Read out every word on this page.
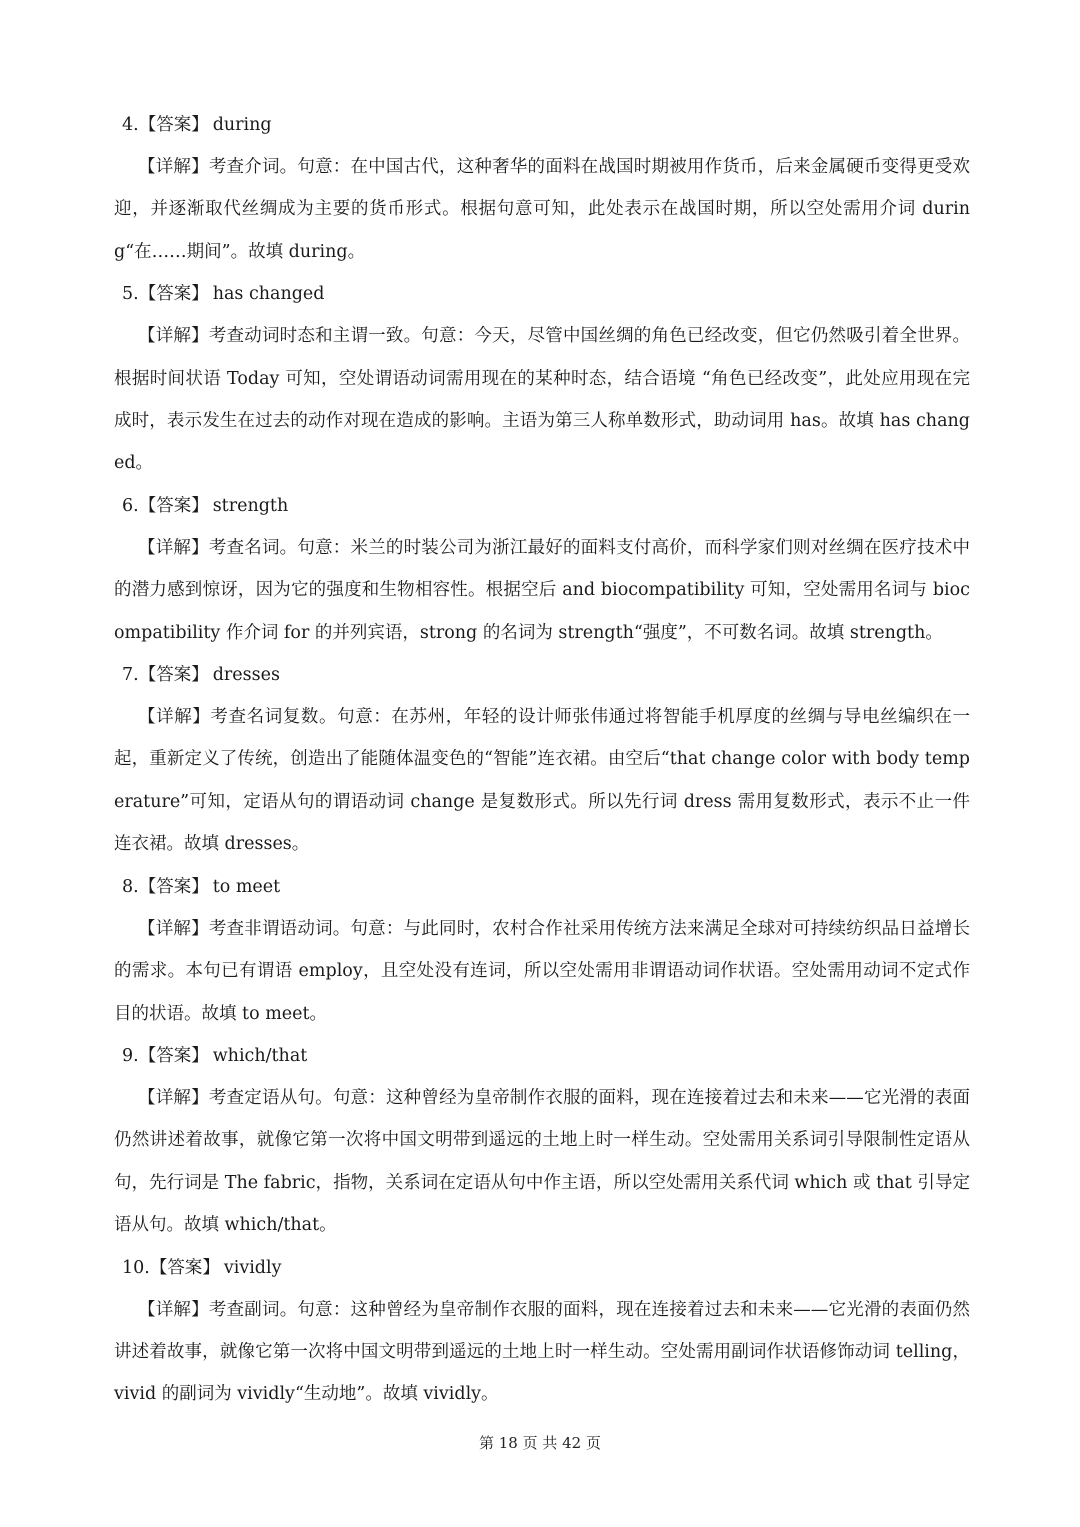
4.【答案】 during

【详解】考查介词。句意：在中国古代，这种奢华的面料在战国时期被用作货币，后来金属硬币变得更受欢迎，并逐渐取代丝绸成为主要的货币形式。根据句意可知，此处表示在战国时期，所以空处需用介词 during“在……期间”。故填 during。

5.【答案】 has changed

【详解】考查动词时态和主谓一致。句意：今天，尽管中国丝绸的角色已经改变，但它仍然吸引着全世界。根据时间状语 Today 可知，空处谓语动词需用现在的某种时态，结合语境 “角色已经改变”，此处应用现在完成时，表示发生在过去的动作对现在造成的影响。主语为第三人称单数形式，助动词用 has。故填 has changed。

6.【答案】 strength

【详解】考查名词。句意：米兰的时装公司为浙江最好的面料支付高价，而科学家们则对丝绸在医疗技术中的潜力感到惊讶，因为它的强度和生物相容性。根据空后 and biocompatibility 可知，空处需用名词与 biocompatibility 作介词 for 的并列宾语，strong 的名词为 strength“强度”，不可数名词。故填 strength。

7.【答案】 dresses

【详解】考查名词复数。句意：在苏州，年轻的设计师张伟通过将智能手机厚度的丝绸与导电丝编织在一起，重新定义了传统，创造出了能随体温变色的“智能”连衣裙。由空后“that change color with body temperature”可知，定语从句的谓语动词 change 是复数形式。所以先行词 dress 需用复数形式，表示不止一件连衣裙。故填 dresses。

8.【答案】 to meet

【详解】考查非谓语动词。句意：与此同时，农村合作社采用传统方法来满足全球对可持续纺织品日益增长的需求。本句已有谓语 employ，且空处没有连词，所以空处需用非谓语动词作状语。空处需用动词不定式作目的状语。故填 to meet。

9.【答案】 which/that

【详解】考查定语从句。句意：这种曾经为皇帝制作衣服的面料，现在连接着过去和未来——它光滑的表面仍然讲述着故事，就像它第一次将中国文明带到遥远的土地上时一样生动。空处需用关系词引导限制性定语从句，先行词是 The fabric，指物，关系词在定语从句中作主语，所以空处需用关系代词 which 或 that 引导定语从句。故填 which/that。

10.【答案】 vividly

【详解】考查副词。句意：这种曾经为皇帝制作衣服的面料，现在连接着过去和未来——它光滑的表面仍然讲述着故事，就像它第一次将中国文明带到遥远的土地上时一样生动。空处需用副词作状语修饰动词 telling，vivid 的副词为 vividly“生动地”。故填 vividly。

第 18 页 共 42 页
